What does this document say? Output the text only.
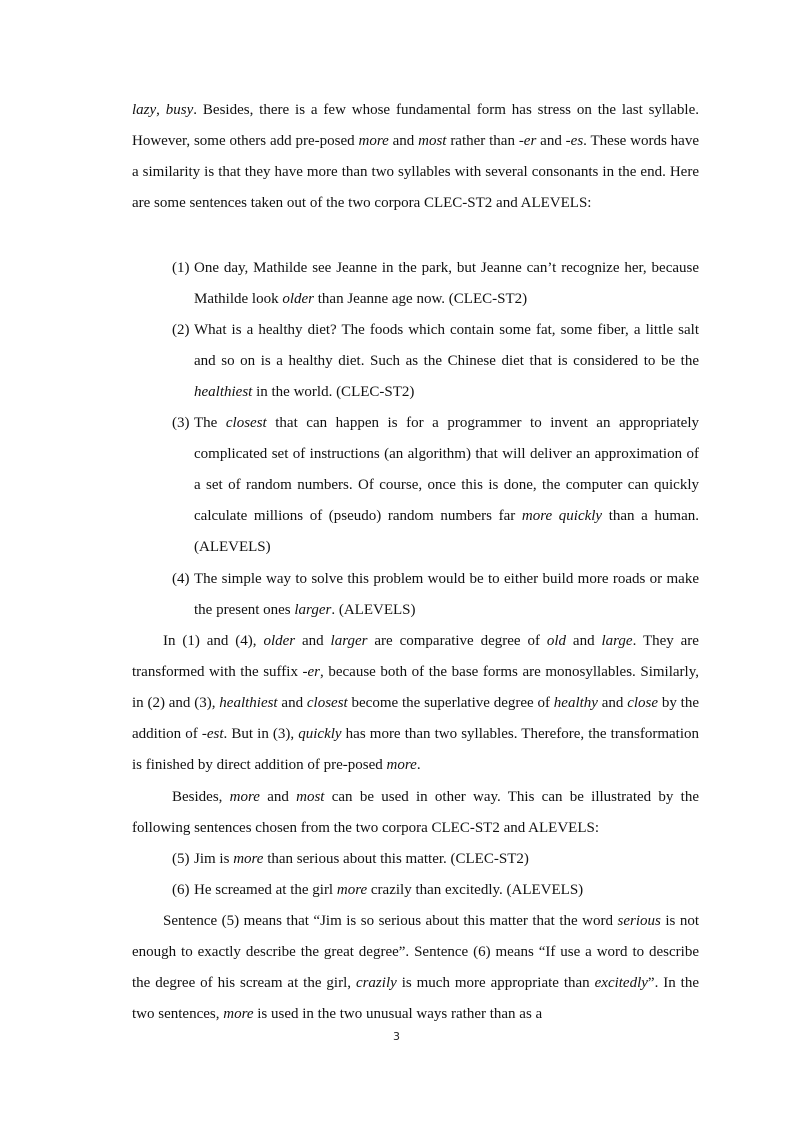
lazy, busy. Besides, there is a few whose fundamental form has stress on the last syllable. However, some others add pre-posed more and most rather than -er and -es. These words have a similarity is that they have more than two syllables with several consonants in the end. Here are some sentences taken out of the two corpora CLEC-ST2 and ALEVELS:

(1) One day, Mathilde see Jeanne in the park, but Jeanne can’t recognize her, because Mathilde look older than Jeanne age now. (CLEC-ST2)

(2) What is a healthy diet? The foods which contain some fat, some fiber, a little salt and so on is a healthy diet. Such as the Chinese diet that is considered to be the healthiest in the world. (CLEC-ST2)

(3) The closest that can happen is for a programmer to invent an appropriately complicated set of instructions (an algorithm) that will deliver an approximation of a set of random numbers. Of course, once this is done, the computer can quickly calculate millions of (pseudo) random numbers far more quickly than a human. (ALEVELS)

(4) The simple way to solve this problem would be to either build more roads or make the present ones larger. (ALEVELS)

In (1) and (4), older and larger are comparative degree of old and large. They are transformed with the suffix -er, because both of the base forms are monosyllables. Similarly, in (2) and (3), healthiest and closest become the superlative degree of healthy and close by the addition of -est. But in (3), quickly has more than two syllables. Therefore, the transformation is finished by direct addition of pre-posed more.

Besides, more and most can be used in other way. This can be illustrated by the following sentences chosen from the two corpora CLEC-ST2 and ALEVELS:

(5) Jim is more than serious about this matter. (CLEC-ST2)

(6) He screamed at the girl more crazily than excitedly. (ALEVELS)

Sentence (5) means that “Jim is so serious about this matter that the word serious is not enough to exactly describe the great degree”. Sentence (6) means “If use a word to describe the degree of his scream at the girl, crazily is much more appropriate than excitedly”. In the two sentences, more is used in the two unusual ways rather than as a

3
